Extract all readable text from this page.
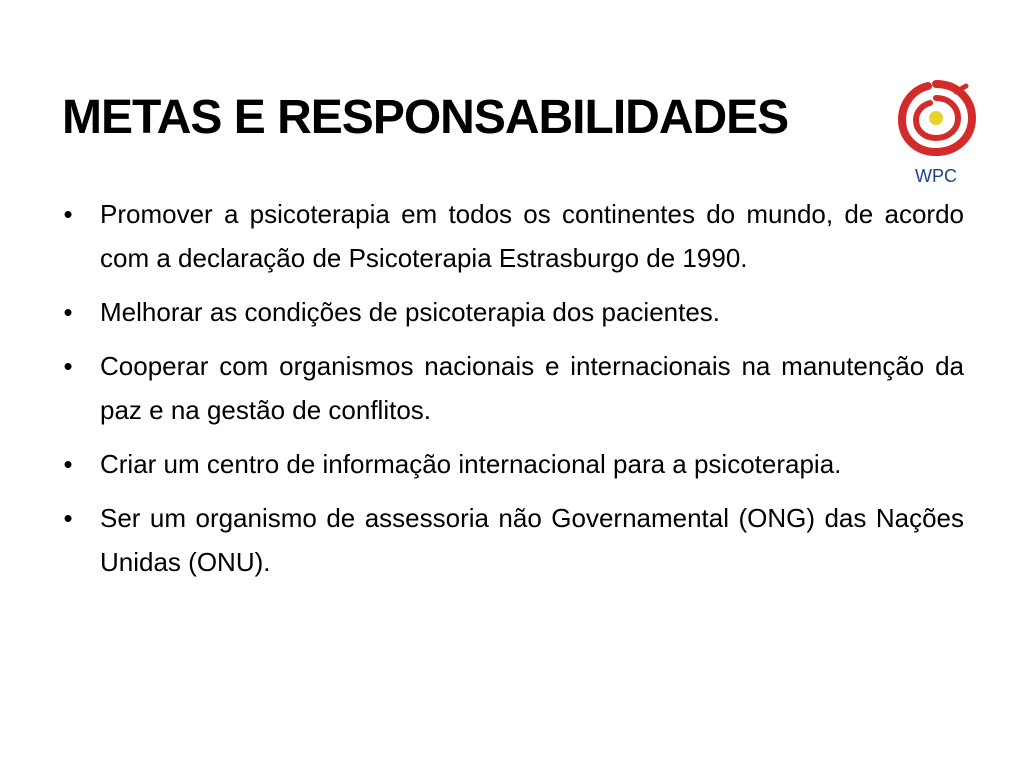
METAS E RESPONSABILIDADES
WPC
• Promover a psicoterapia em todos os continentes do mundo, de acordo com a declaração de Psicoterapia Estrasburgo de 1990.
• Melhorar as condições de psicoterapia dos pacientes.
• Cooperar com organismos nacionais e internacionais na manutenção da paz e na gestão de conflitos.
• Criar um centro de informação internacional para a psicoterapia.
• Ser um organismo de assessoria não Governamental (ONG) das Nações Unidas (ONU).
